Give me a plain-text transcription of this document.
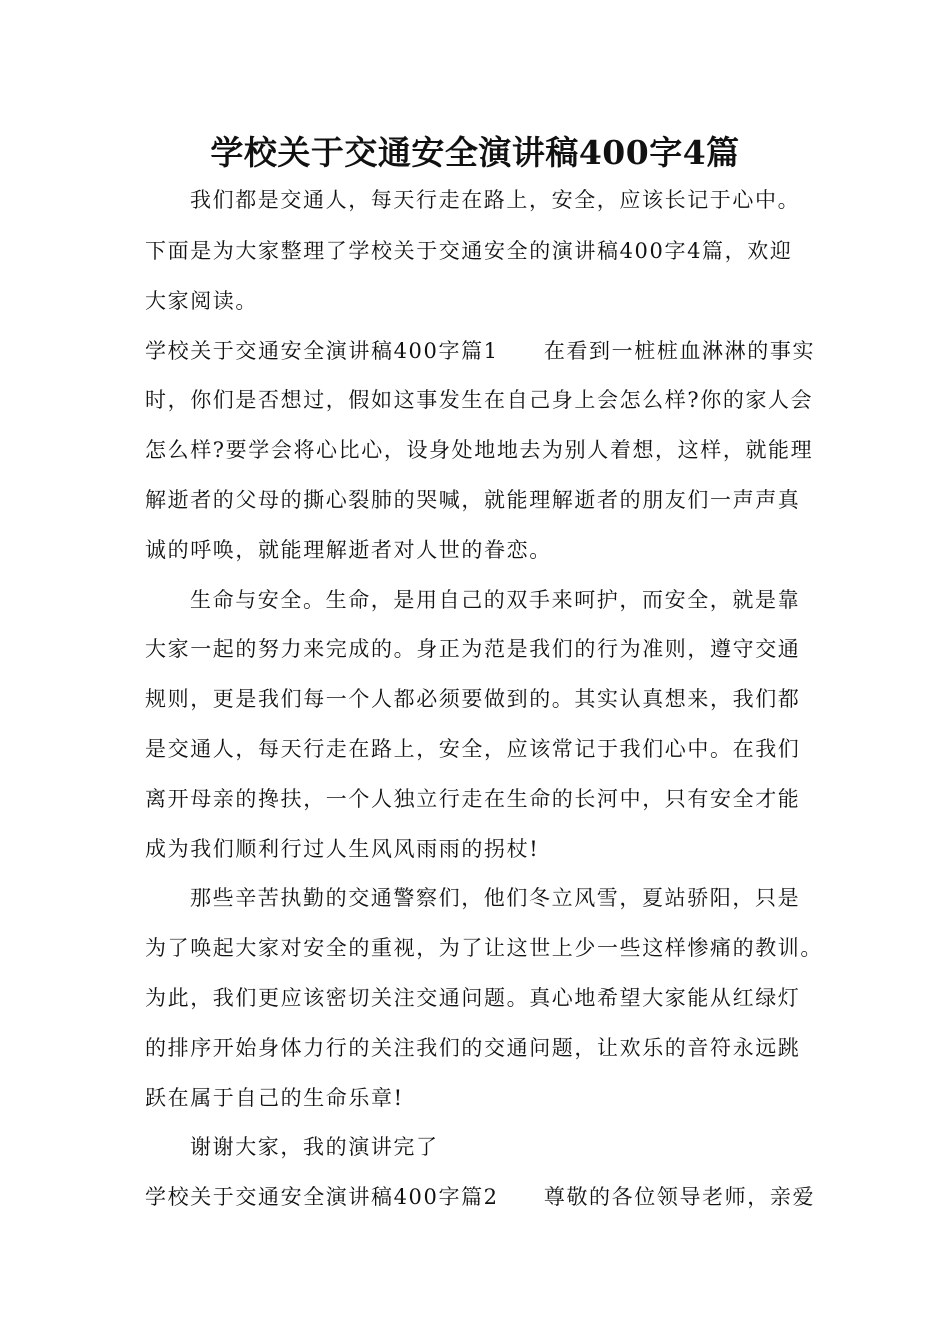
学校关于交通安全演讲稿400字4篇
我们都是交通人，每天行走在路上，安全，应该长记于心中。
下面是为大家整理了学校关于交通安全的演讲稿400字4篇，欢迎
大家阅读。
学校关于交通安全演讲稿400字篇1　　在看到一桩桩血淋淋的事实
时，你们是否想过，假如这事发生在自己身上会怎么样?你的家人会
怎么样?要学会将心比心，设身处地地去为别人着想，这样，就能理
解逝者的父母的撕心裂肺的哭喊，就能理解逝者的朋友们一声声真
诚的呼唤，就能理解逝者对人世的眷恋。
生命与安全。生命，是用自己的双手来呵护，而安全，就是靠
大家一起的努力来完成的。身正为范是我们的行为准则，遵守交通
规则，更是我们每一个人都必须要做到的。其实认真想来，我们都
是交通人，每天行走在路上，安全，应该常记于我们心中。在我们
离开母亲的搀扶，一个人独立行走在生命的长河中，只有安全才能
成为我们顺利行过人生风风雨雨的拐杖!
那些辛苦执勤的交通警察们，他们冬立风雪，夏站骄阳，只是
为了唤起大家对安全的重视，为了让这世上少一些这样惨痛的教训。
为此，我们更应该密切关注交通问题。真心地希望大家能从红绿灯
的排序开始身体力行的关注我们的交通问题，让欢乐的音符永远跳
跃在属于自己的生命乐章!
谢谢大家，我的演讲完了
学校关于交通安全演讲稿400字篇2　　尊敬的各位领导老师，亲爱
